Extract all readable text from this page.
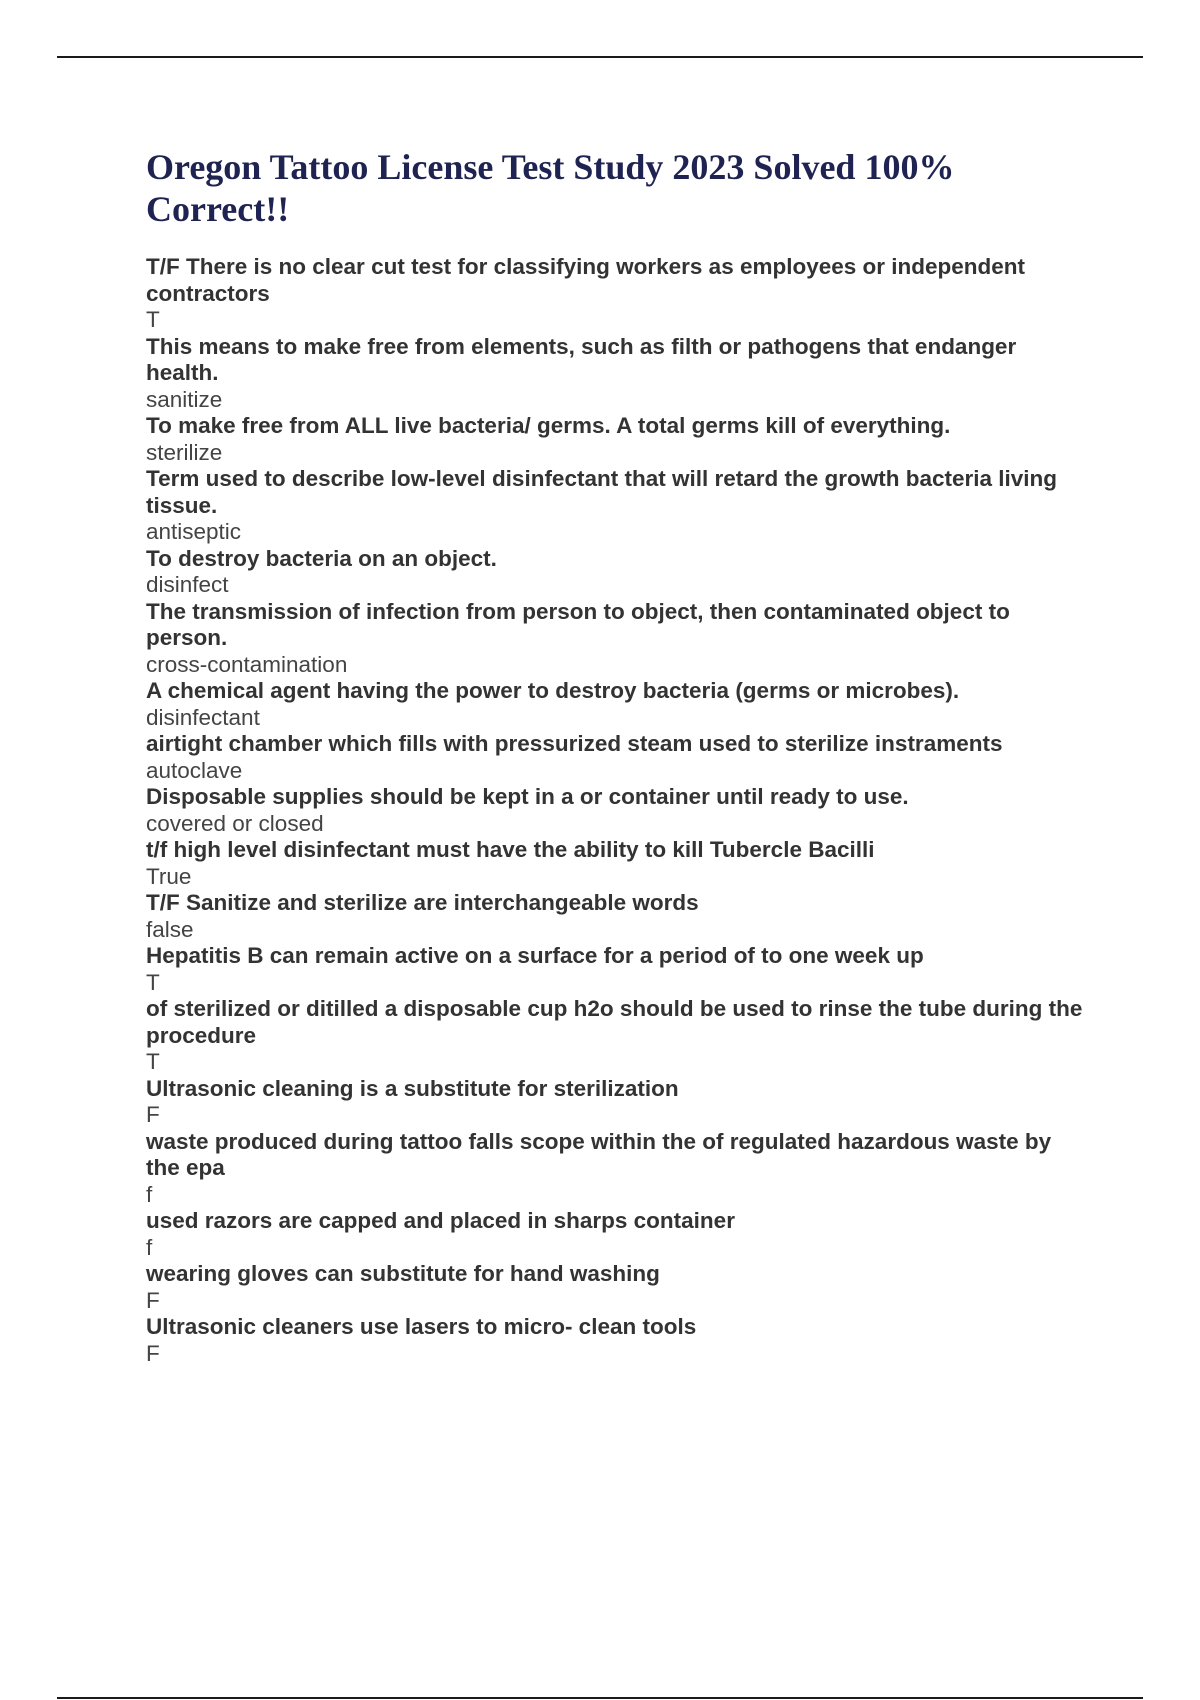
Oregon Tattoo License Test Study 2023 Solved 100% Correct!!
T/F There is no clear cut test for classifying workers as employees or independent contractors
T
This means to make free from elements, such as filth or pathogens that endanger health.
sanitize
To make free from ALL live bacteria/ germs. A total germs kill of everything.
sterilize
Term used to describe low-level disinfectant that will retard the growth bacteria living tissue.
antiseptic
To destroy bacteria on an object.
disinfect
The transmission of infection from person to object, then contaminated object to person.
cross-contamination
A chemical agent having the power to destroy bacteria (germs or microbes).
disinfectant
airtight chamber which fills with pressurized steam used to sterilize instraments
autoclave
Disposable supplies should be kept in a or container until ready to use.
covered or closed
t/f high level disinfectant must have the ability to kill Tubercle Bacilli
True
T/F Sanitize and sterilize are interchangeable words
false
Hepatitis B can remain active on a surface for a period of to one week up
T
of sterilized or ditilled a disposable cup h2o should be used to rinse the tube during the procedure
T
Ultrasonic cleaning is a substitute for sterilization
F
waste produced during tattoo falls scope within the of regulated hazardous waste by the epa
f
used razors are capped and placed in sharps container
f
wearing gloves can substitute for hand washing
F
Ultrasonic cleaners use lasers to micro- clean tools
F
